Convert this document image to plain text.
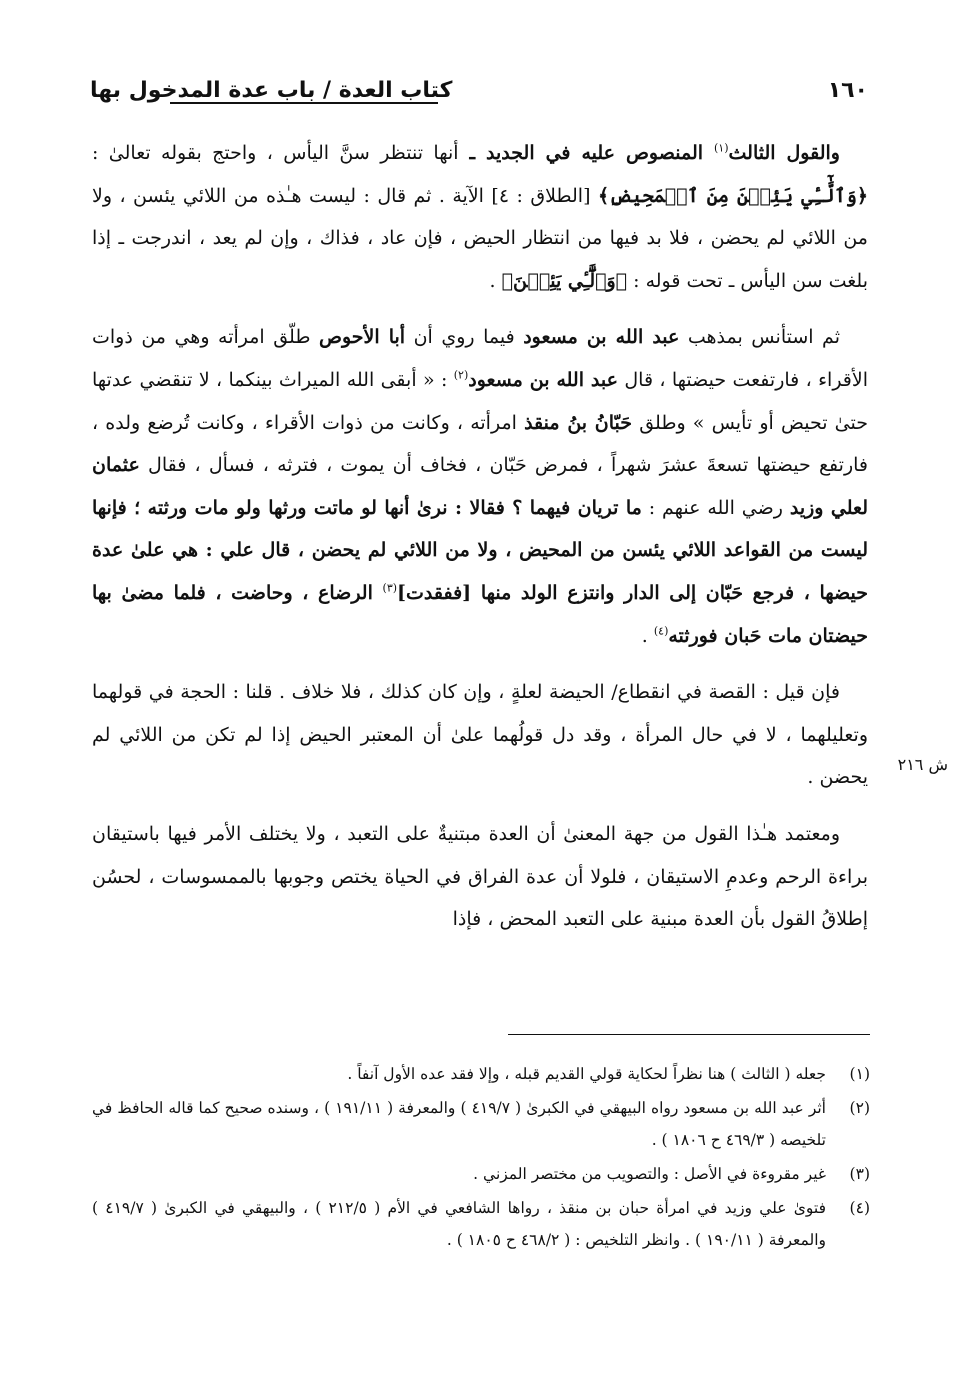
كتاب العدة / باب عدة المدخول بها	١٦٠

والقول الثالث$^{(١)}$ المنصوص عليه في الجديد ـ أنها تنتظر سنَّ اليأس ، واحتج بقوله تعالىٰ : ﴿وَٱلَّٰٓـِٔي يَئِسۡنَ مِنَ ٱلۡمَحِيضِ﴾ [الطلاق : ٤] الآية . ثم قال : ليست هـٰذه من اللائي يئسن ، ولا من اللائي لم يحضن ، فلا بد فيها من انتظار الحيض ، فإن عاد ، فذاك ، وإن لم يعد ، اندرجت ـ إذا بلغت سن اليأس ـ تحت قوله : ﴿وَٱلَّٰٓـِٔي يَئِسۡنَ﴾ .

ثم استأنس بمذهب عبد الله بن مسعود فيما روي أن أبا الأحوص طلّق امرأته وهي من ذوات الأقراء ، فارتفعت حيضتها ، قال عبد الله بن مسعود$^{(٢)}$ : « أبقى الله الميراث بينكما ، لا تنقضي عدتها حتىٰ تحيض أو تأيس » وطلق حَبّانُ بنُ منقذ امرأته ، وكانت من ذوات الأقراء ، وكانت تُرضع ولده ، فارتفع حيضتها تسعةَ عشرَ شهراً ، فمرض حَبّان ، فخاف أن يموت ، فترثه ، فسأل ، فقال عثمان لعلي وزيد رضي الله عنهم : ما تريان فيهما ؟ فقالا : نرىٰ أنها لو ماتت ورثها ولو مات ورثته ؛ فإنها ليست من القواعد اللائي يئسن من المحيض ، ولا من اللائي لم يحضن ، قال علي : هي علىٰ عدة حيضها ، فرجع حَبّان إلى الدار وانتزع الولد منها [ففقدت]$^{(٣)}$ الرضاع ، وحاضت ، فلما مضىٰ بها حيضتان مات حَبان فورثته$^{(٤)}$ .

فإن قيل : القصة في انقطاع/ الحيضة لعلةٍ ، وإن كان كذلك ، فلا خلاف . قلنا : الحجة في قولهما وتعليلهما ، لا في حال المرأة ، وقد دل قولُهما علىٰ أن المعتبر الحيض إذا لم تكن من اللائي لم يحضن .

ومعتمد هـٰذا القول من جهة المعنىٰ أن العدة مبتنيةٌ على التعبد ، ولا يختلف الأمر فيها باستيقان براءة الرحم وعدمِ الاستيقان ، فلولا أن عدة الفراق في الحياة يختص وجوبها بالممسوسات ، لحسُن إطلاقُ القول بأن العدة مبنية على التعبد المحض ، فإذا

ش ٢١٦
(١)
جعله ( الثالث ) هنا نظراً لحكاية قولي القديم قبله ، وإلا فقد عده الأول آنفاً .
(٢)
أثر عبد الله بن مسعود رواه البيهقي في الكبرىٰ ( ٤١٩/٧ ) والمعرفة ( ١٩١/١١ ) ، وسنده صحيح كما قاله الحافظ في تلخيصه ( ٤٦٩/٣ ح ١٨٠٦ ) .
(٣)
غير مقروءة في الأصل : والتصويب من مختصر المزني .
(٤)
فتوىٰ علي وزيد في امرأة حبان بن منقذ ، رواها الشافعي في الأم ( ٢١٢/٥ ) ، والبيهقي في الكبرىٰ ( ٤١٩/٧ ) والمعرفة ( ١٩٠/١١ ) . وانظر التلخيص : ( ٤٦٨/٢ ح ١٨٠٥ ) .
